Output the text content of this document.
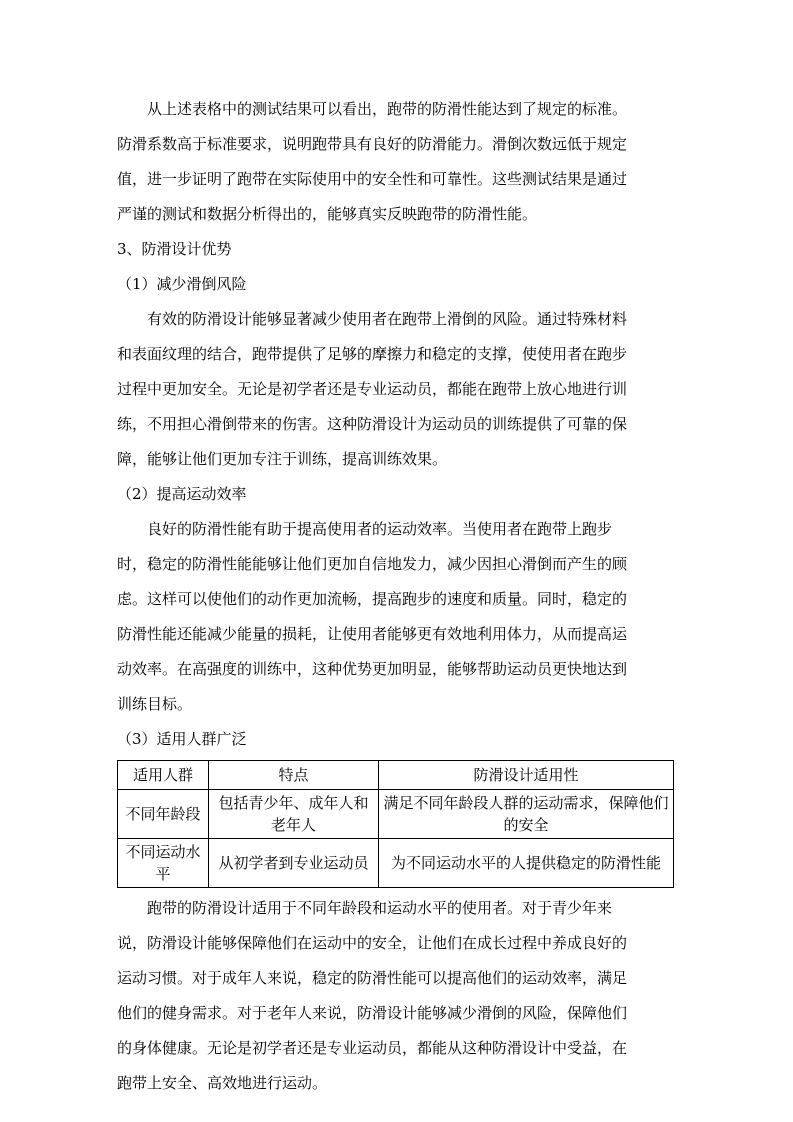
从上述表格中的测试结果可以看出，跑带的防滑性能达到了规定的标准。
防滑系数高于标准要求，说明跑带具有良好的防滑能力。滑倒次数远低于规定
值，进一步证明了跑带在实际使用中的安全性和可靠性。这些测试结果是通过
严谨的测试和数据分析得出的，能够真实反映跑带的防滑性能。

3、防滑设计优势

（1）减少滑倒风险

有效的防滑设计能够显著减少使用者在跑带上滑倒的风险。通过特殊材料
和表面纹理的结合，跑带提供了足够的摩擦力和稳定的支撑，使使用者在跑步
过程中更加安全。无论是初学者还是专业运动员，都能在跑带上放心地进行训
练，不用担心滑倒带来的伤害。这种防滑设计为运动员的训练提供了可靠的保
障，能够让他们更加专注于训练，提高训练效果。

（2）提高运动效率

良好的防滑性能有助于提高使用者的运动效率。当使用者在跑带上跑步
时，稳定的防滑性能能够让他们更加自信地发力，减少因担心滑倒而产生的顾
虑。这样可以使他们的动作更加流畅，提高跑步的速度和质量。同时，稳定的
防滑性能还能减少能量的损耗，让使用者能够更有效地利用体力，从而提高运
动效率。在高强度的训练中，这种优势更加明显，能够帮助运动员更快地达到
训练目标。

（3）适用人群广泛

适用人群	特点	防滑设计适用性
不同年龄段	包括青少年、成年人和老年人	满足不同年龄段人群的运动需求，保障他们的安全
不同运动水平	从初学者到专业运动员	为不同运动水平的人提供稳定的防滑性能

跑带的防滑设计适用于不同年龄段和运动水平的使用者。对于青少年来
说，防滑设计能够保障他们在运动中的安全，让他们在成长过程中养成良好的
运动习惯。对于成年人来说，稳定的防滑性能可以提高他们的运动效率，满足
他们的健身需求。对于老年人来说，防滑设计能够减少滑倒的风险，保障他们
的身体健康。无论是初学者还是专业运动员，都能从这种防滑设计中受益，在
跑带上安全、高效地进行运动。
